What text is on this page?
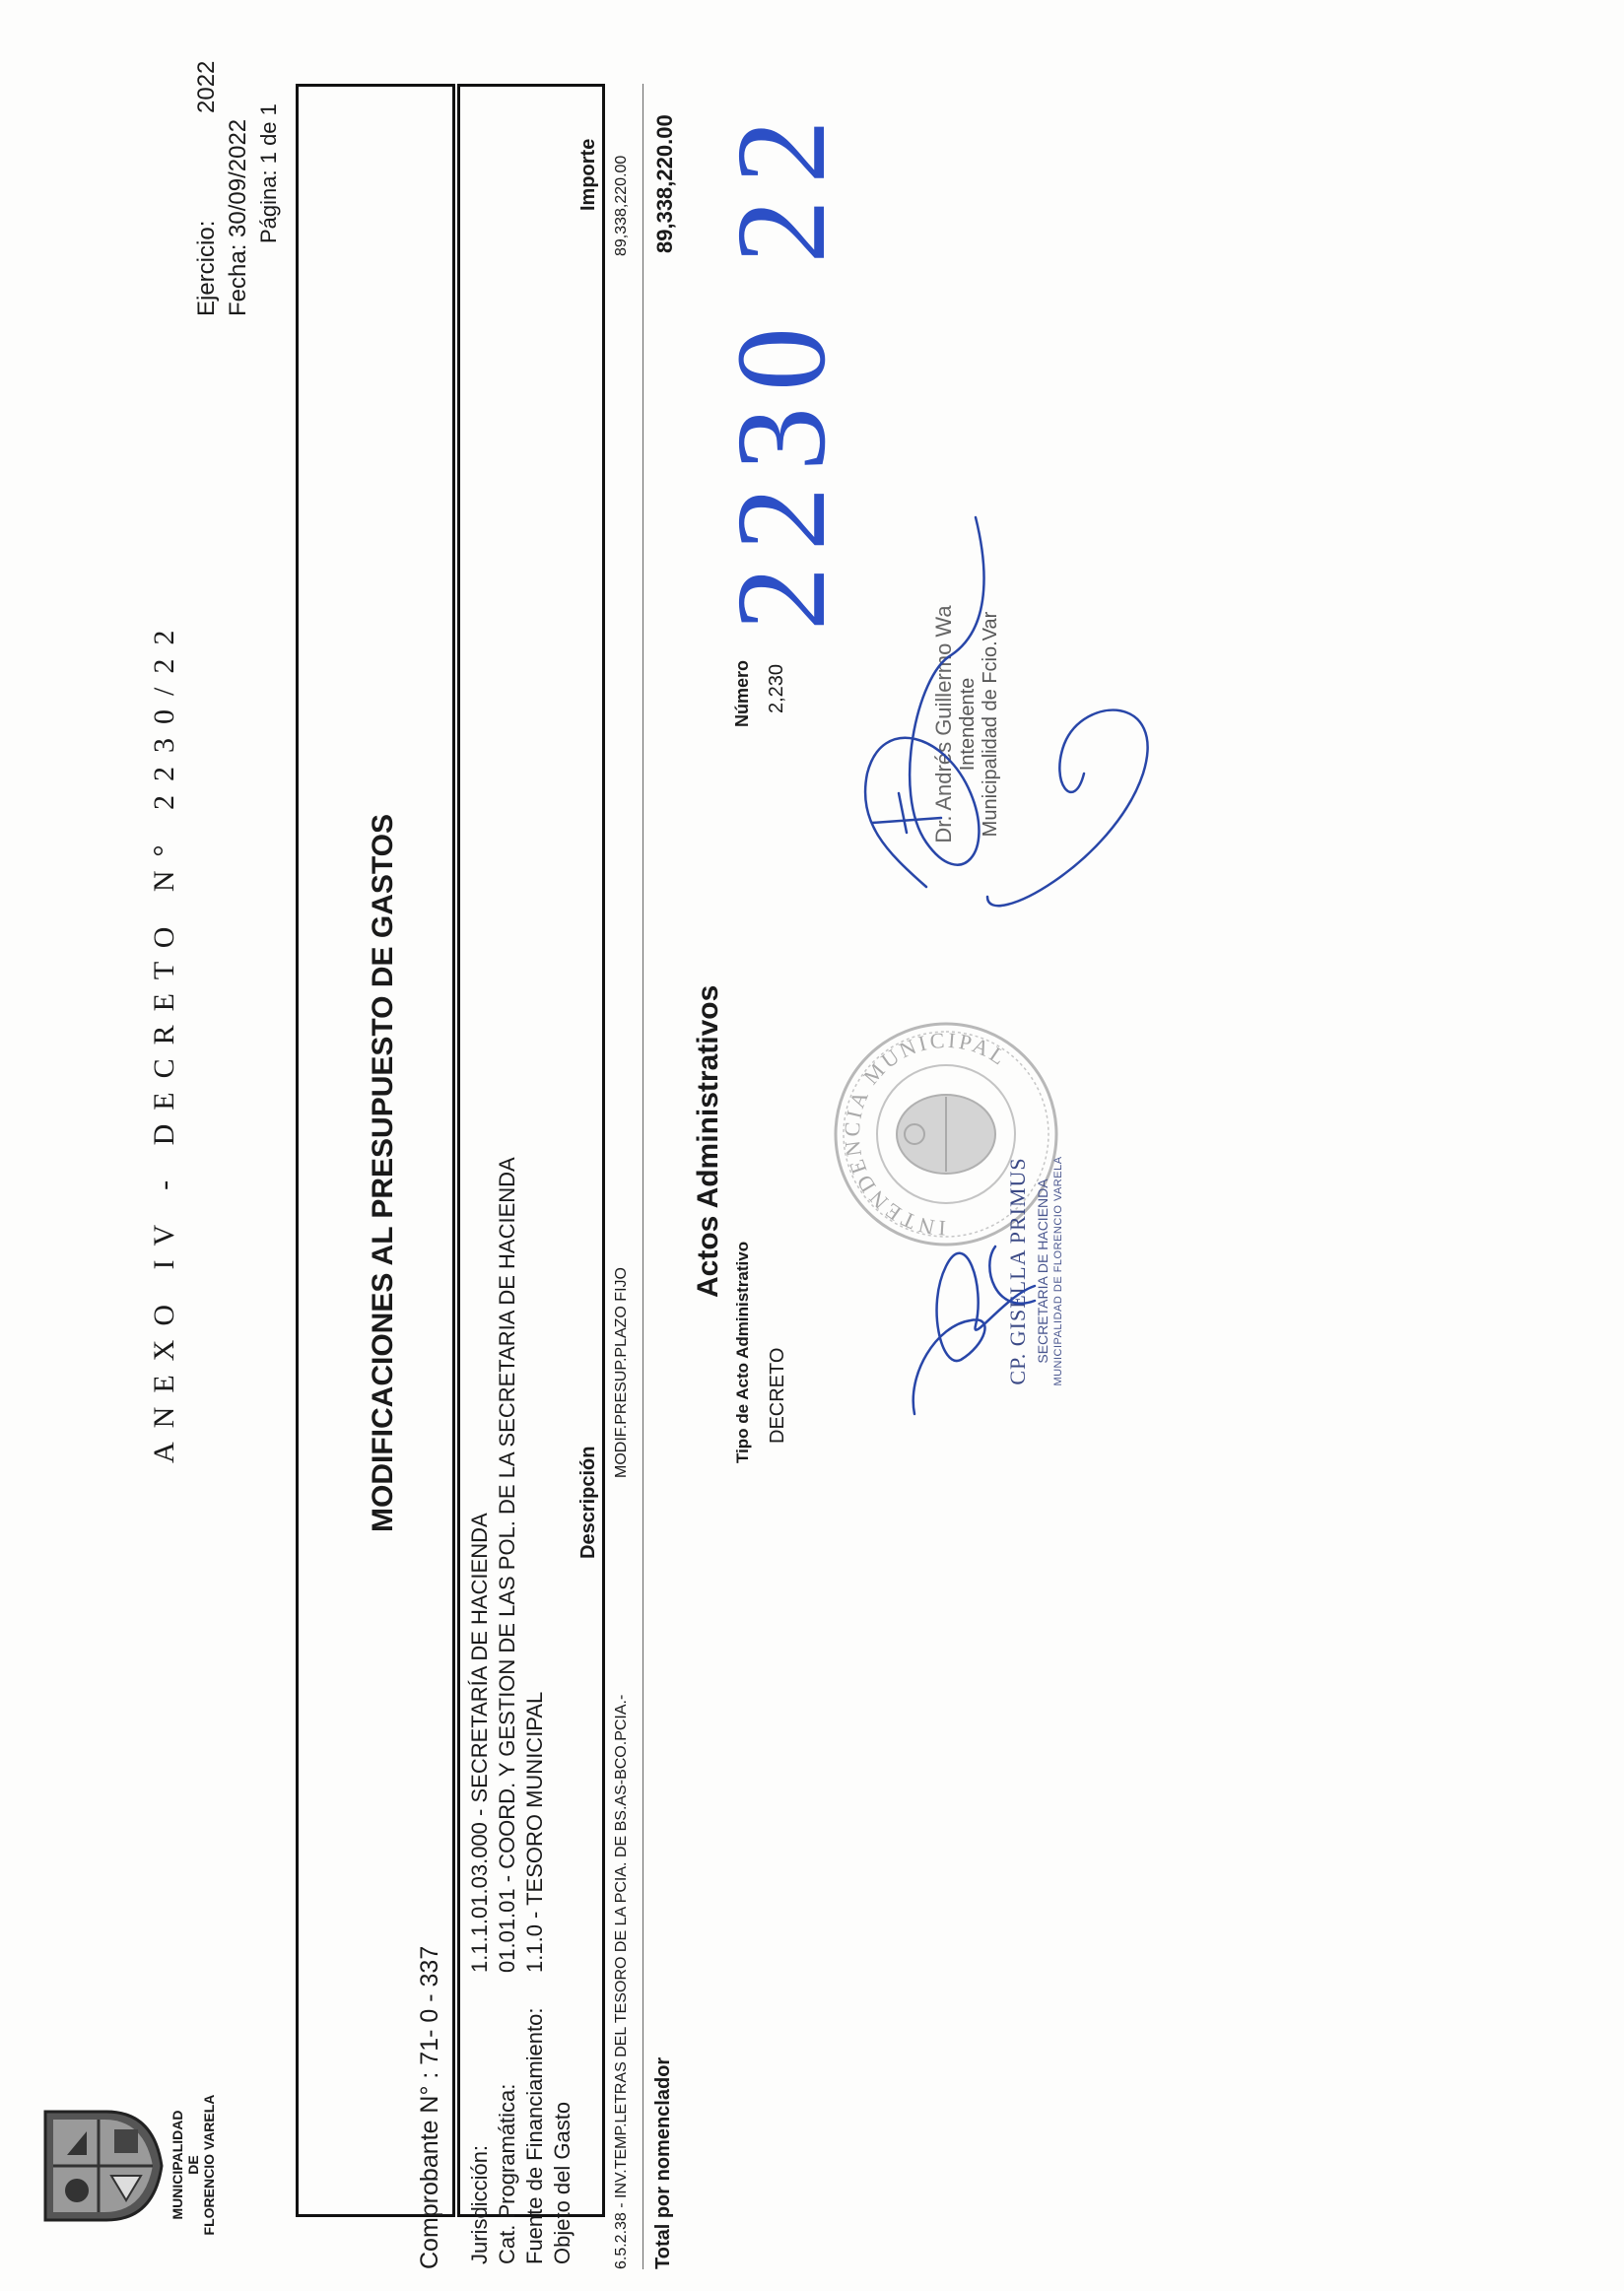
MUNICIPALIDAD DE FLORENCIO VARELA
ANEXO IV - DECRETO N° 2230/22
Ejercicio:
2022
Fecha: 30/09/2022 Página: 1 de 1
MODIFICACIONES AL PRESUPUESTO DE GASTOS
Comprobante N° : 71- 0 - 337 Jurisdicción:
1.1.1.01.03.000 - SECRETARÍA DE HACIENDA
Cat. Programática:
01.01.01 - COORD. Y GESTION DE LAS POL. DE LA SECRETARIA DE HACIENDA
Fuente de Financiamiento:
1.1.0 - TESORO MUNICIPAL
Objeto del Gasto
Descripción
Importe
6.5.2.38 - INV.TEMP.LETRAS DEL TESORO DE LA PCIA. DE BS.AS-BCO.PCIA.-
MODIF.PRESUP.PLAZO FIJO
89,338,220.00
Total por nomenclador
89,338,220.00
Actos Administrativos
Tipo de Acto Administrativo DECRETO
Número 2,230
2230 22
INTENDENCIA MUNICIPAL
CP. GISELLA PRIMUS SECRETARIA DE HACIENDA MUNICIPALIDAD DE FLORENCIO VARELA
Dr. Andrés Guillermo Wa Intendente Municipalidad de Fcio.Var
